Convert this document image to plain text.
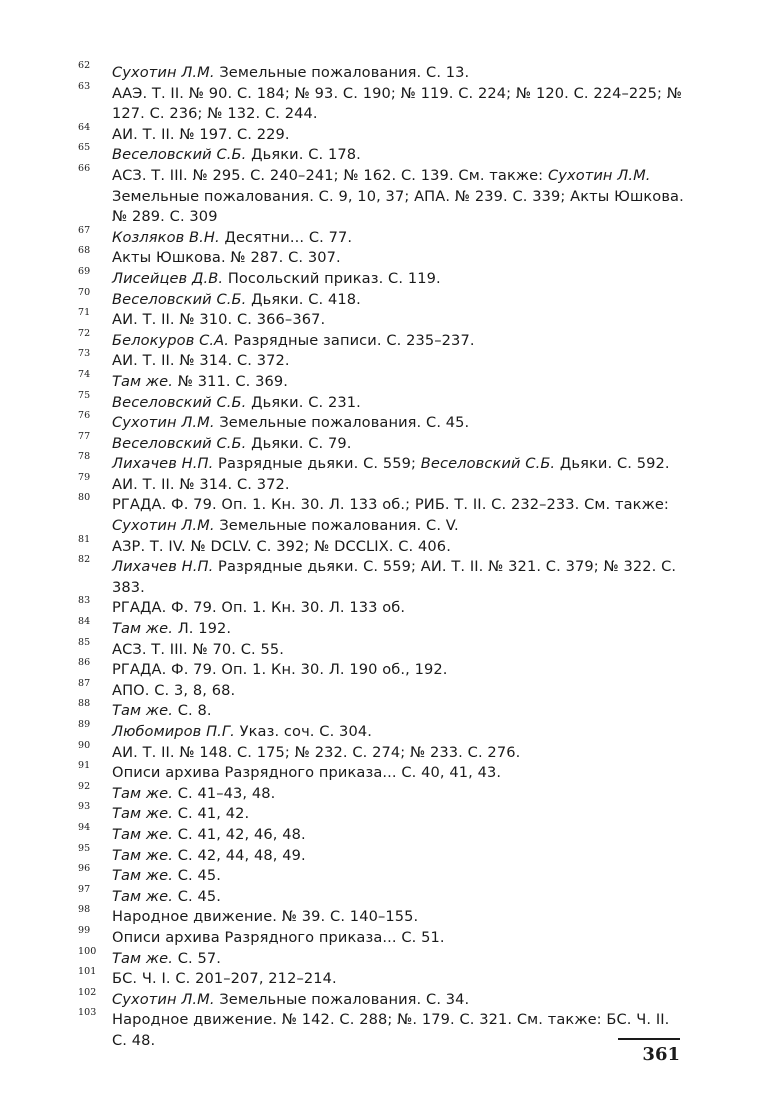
62 Сухотин Л.М. Земельные пожалования. С. 13.
63 ААЭ. Т. II. № 90. С. 184; № 93. С. 190; № 119. С. 224; № 120. С. 224–225; № 127. С. 236; № 132. С. 244.
64 АИ. Т. II. № 197. С. 229.
65 Веселовский С.Б. Дьяки. С. 178.
66 АСЗ. Т. III. № 295. С. 240–241; № 162. С. 139. См. также: Сухотин Л.М. Земельные пожалования. С. 9, 10, 37; АПА. № 239. С. 339; Акты Юшкова. № 289. С. 309
67 Козляков В.Н. Десятни... С. 77.
68 Акты Юшкова. № 287. С. 307.
69 Лисейцев Д.В. Посольский приказ. С. 119.
70 Веселовский С.Б. Дьяки. С. 418.
71 АИ. Т. II. № 310. С. 366–367.
72 Белокуров С.А. Разрядные записи. С. 235–237.
73 АИ. Т. II. № 314. С. 372.
74 Там же. № 311. С. 369.
75 Веселовский С.Б. Дьяки. С. 231.
76 Сухотин Л.М. Земельные пожалования. С. 45.
77 Веселовский С.Б. Дьяки. С. 79.
78 Лихачев Н.П. Разрядные дьяки. С. 559; Веселовский С.Б. Дьяки. С. 592.
79 АИ. Т. II. № 314. С. 372.
80 РГАДА. Ф. 79. Оп. 1. Кн. 30. Л. 133 об.; РИБ. Т. II. С. 232–233. См. также: Сухотин Л.М. Земельные пожалования. С. V.
81 АЗР. Т. IV. № DCLV. С. 392; № DCCLIX. С. 406.
82 Лихачев Н.П. Разрядные дьяки. С. 559; АИ. Т. II. № 321. С. 379; № 322. С. 383.
83 РГАДА. Ф. 79. Оп. 1. Кн. 30. Л. 133 об.
84 Там же. Л. 192.
85 АСЗ. Т. III. № 70. С. 55.
86 РГАДА. Ф. 79. Оп. 1. Кн. 30. Л. 190 об., 192.
87 АПО. С. 3, 8, 68.
88 Там же. С. 8.
89 Любомиров П.Г. Указ. соч. С. 304.
90 АИ. Т. II. № 148. С. 175; № 232. С. 274; № 233. С. 276.
91 Описи архива Разрядного приказа... С. 40, 41, 43.
92 Там же. С. 41–43, 48.
93 Там же. С. 41, 42.
94 Там же. С. 41, 42, 46, 48.
95 Там же. С. 42, 44, 48, 49.
96 Там же. С. 45.
97 Там же. С. 45.
98 Народное движение. № 39. С. 140–155.
99 Описи архива Разрядного приказа... С. 51.
100 Там же. С. 57.
101 БС. Ч. I. С. 201–207, 212–214.
102 Сухотин Л.М. Земельные пожалования. С. 34.
103 Народное движение. № 142. С. 288; №. 179. С. 321. См. также: БС. Ч. II. С. 48.
361
